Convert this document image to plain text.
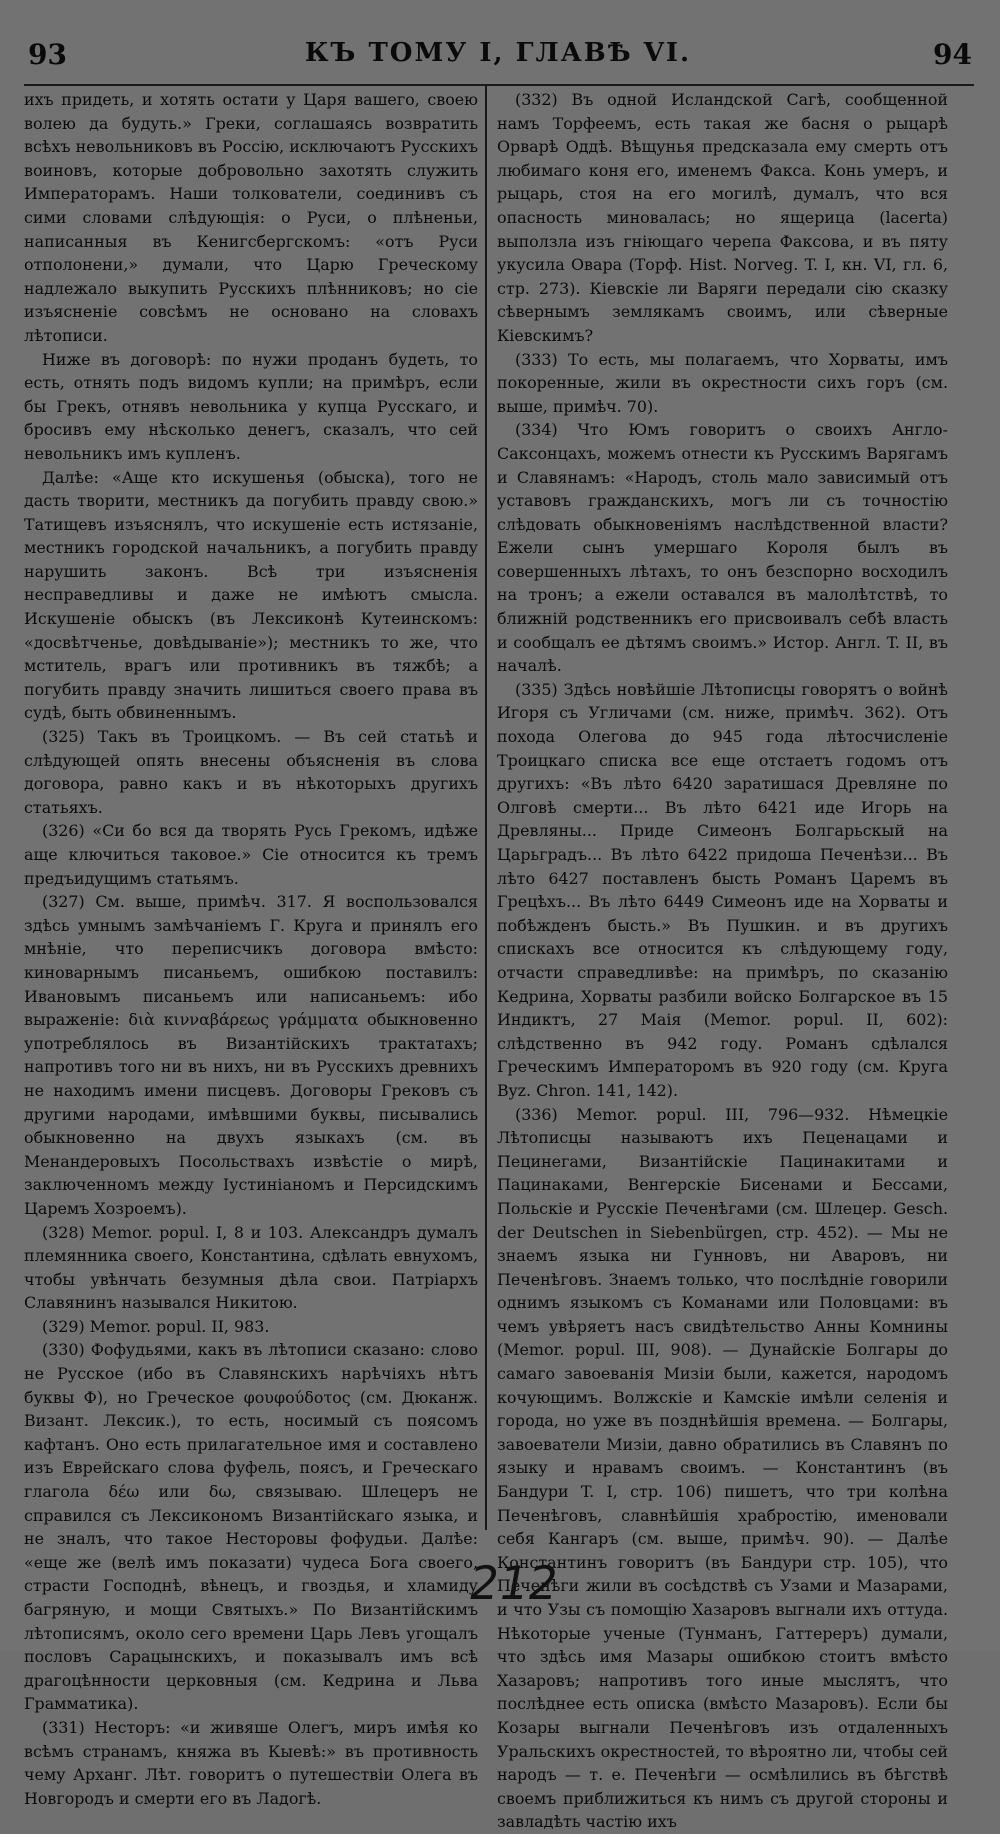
93	КЪ ТОМУ I, ГЛАВѢ VI.	94

ихъ придеть, и хотять остати у Царя вашего, своею волею да будуть.» Греки, соглашаясь возвратить всѣхъ невольниковъ въ Россію, исключаютъ Русскихъ воиновъ, которые добровольно захотять служить Императорамъ. Наши толкователи, соединивъ съ сими словами слѣдующія: о Руси, о плѣненьи, написанныя въ Кенигсбергскомъ: «отъ Руси отполонени,» думали, что Царю Греческому надлежало выкупить Русскихъ плѣнниковъ; но сіе изъясненіе совсѣмъ не основано на словахъ лѣтописи.

Ниже въ договорѣ: по нужи проданъ будеть, то есть, отнять подъ видомъ купли; на примѣръ, если бы Грекъ, отнявъ невольника у купца Русскаго, и бросивъ ему нѣсколько денегъ, сказалъ, что сей невольникъ имъ купленъ.

Далѣе: «Аще кто искушенья (обыска), того не дасть творити, местникъ да погубить правду свою.» Татищевъ изъяснялъ, что искушеніе есть истязаніе, местникъ городской начальникъ, а погубить правду нарушить законъ. Всѣ три изъясненія несправедливы и даже не имѣютъ смысла. Искушеніе обыскъ (въ Лексиконѣ Кутеинскомъ: «досвѣтченье, довѣдываніе»); местникъ то же, что мститель, врагъ или противникъ въ тяжбѣ; а погубить правду значить лишиться своего права въ судѣ, быть обвиненнымъ.

(325) Такъ въ Троицкомъ. — Въ сей статьѣ и слѣдующей опять внесены объясненія въ слова договора, равно какъ и въ нѣкоторыхъ другихъ статьяхъ.

(326) «Си бо вся да творять Русь Грекомъ, идѣже аще ключиться таковое.» Сіе относится къ тремъ предъидущимъ статьямъ.

(327) См. выше, примѣч. 317. Я воспользовался здѣсь умнымъ замѣчаніемъ Г. Круга и принялъ его мнѣніе, что переписчикъ договора вмѣсто: киноварнымъ писаньемъ, ошибкою поставилъ: Ивановымъ писаньемъ или написаньемъ: ибо выраженіе: διὰ κινναβάρεως γράμματα обыкновенно употреблялось въ Византійскихъ трактатахъ; напротивъ того ни въ нихъ, ни въ Русскихъ древнихъ не находимъ имени писцевъ. Договоры Грековъ съ другими народами, имѣвшими буквы, писывались обыкновенно на двухъ языкахъ (см. въ Менандеровыхъ Посольствахъ извѣстіе о мирѣ, заключенномъ между Іустиніаномъ и Персидскимъ Царемъ Хозроемъ).

(328) Memor. popul. I, 8 и 103. Александръ думалъ племянника своего, Константина, сдѣлать евнухомъ, чтобы увѣнчать безумныя дѣла свои. Патріархъ Славянинъ назывался Никитою.

(329) Memor. popul. II, 983.

(330) Фофудьями, какъ въ лѣтописи сказано: слово не Русское (ибо въ Славянскихъ нарѣчіяхъ нѣтъ буквы Ф), но Греческое φουφούδοτος (см. Дюканж. Визант. Лексик.), то есть, носимый съ поясомъ кафтанъ. Оно есть прилагательное имя и составлено изъ Еврейскаго слова фуфель, поясъ, и Греческаго глагола δέω или δω, связываю. Шлецеръ не справился съ Лексикономъ Византійскаго языка, и не зналъ, что такое Несторовы фофудьи. Далѣе: «еще же (велѣ имъ показати) чудеса Бога своего, страсти Господнѣ, вѣнецъ, и гвоздья, и хламиду багряную, и мощи Святыхъ.» По Византійскимъ лѣтописямъ, около сего времени Царь Левъ угощалъ пословъ Сарацынскихъ, и показывалъ имъ всѣ драгоцѣнности церковныя (см. Кедрина и Льва Грамматика).

(331) Несторъ: «и живяше Олегъ, миръ имѣя ко всѣмъ странамъ, княжа въ Кыевѣ:» въ противность чему Арханг. Лѣт. говоритъ о путешествіи Олега въ Новгородъ и смерти его въ Ладогѣ.

(332) Въ одной Исландской Сагѣ, сообщенной намъ Торфеемъ, есть такая же басня о рыцарѣ Орварѣ Оддѣ. Вѣщунья предсказала ему смерть отъ любимаго коня его, именемъ Факса. Конь умеръ, и рыцарь, стоя на его могилѣ, думалъ, что вся опасность миновалась; но ящерица (lacerta) выползла изъ гніющаго черепа Факсова, и въ пяту укусила Овара (Торф. Hist. Norveg. T. I, кн. VI, гл. 6, стр. 273). Кіевскіе ли Варяги передали сію сказку сѣвернымъ землякамъ своимъ, или сѣверные Кіевскимъ?

(333) То есть, мы полагаемъ, что Хорваты, имъ покоренные, жили въ окрестности сихъ горъ (см. выше, примѣч. 70).

(334) Что Юмъ говоритъ о своихъ Англо-Саксонцахъ, можемъ отнести къ Русскимъ Варягамъ и Славянамъ: «Народъ, столь мало зависимый отъ уставовъ гражданскихъ, могъ ли съ точностію слѣдовать обыкновеніямъ наслѣдственной власти? Ежели сынъ умершаго Короля былъ въ совершенныхъ лѣтахъ, то онъ безспорно восходилъ на тронъ; а ежели оставался въ малолѣтствѣ, то ближній родственникъ его присвоивалъ себѣ власть и сообщалъ ее дѣтямъ своимъ.» Истор. Англ. T. II, въ началѣ.

(335) Здѣсь новѣйшіе Лѣтописцы говорятъ о войнѣ Игоря съ Угличами (см. ниже, примѣч. 362). Отъ похода Олегова до 945 года лѣтосчисленіе Троицкаго списка все еще отстаетъ годомъ отъ другихъ: «Въ лѣто 6420 заратишася Древляне по Олговѣ смерти... Въ лѣто 6421 иде Игорь на Древляны... Приде Симеонъ Болгарьскый на Царьградъ... Въ лѣто 6422 придоша Печенѣзи... Въ лѣто 6427 поставленъ бысть Романъ Царемъ въ Грецѣхъ... Въ лѣто 6449 Симеонъ иде на Хорваты и побѣжденъ бысть.» Въ Пушкин. и въ другихъ спискахъ все относится къ слѣдующему году, отчасти справедливѣе: на примѣръ, по сказанію Кедрина, Хорваты разбили войско Болгарское въ 15 Индиктъ, 27 Маія (Memor. popul. II, 602): слѣдственно въ 942 году. Романъ сдѣлался Греческимъ Императоромъ въ 920 году (см. Круга Byz. Chron. 141, 142).

(336) Memor. popul. III, 796—932. Нѣмецкіе Лѣтописцы называютъ ихъ Пеценацами и Пецинегами, Византійскіе Пацинакитами и Пацинаками, Венгерскіе Бисенами и Бессами, Польскіе и Русскіе Печенѣгами (см. Шлецер. Gesch. der Deutschen in Siebenbürgen, стр. 452). — Мы не знаемъ языка ни Гунновъ, ни Аваровъ, ни Печенѣговъ. Знаемъ только, что послѣдніе говорили однимъ языкомъ съ Команами или Половцами: въ чемъ увѣряетъ насъ свидѣтельство Анны Комнины (Memor. popul. III, 908). — Дунайскіе Болгары до самаго завоеванія Мизіи были, кажется, народомъ кочующимъ. Волжскіе и Камскіе имѣли селенія и города, но уже въ позднѣйшія времена. — Болгары, завоеватели Мизіи, давно обратились въ Славянъ по языку и нравамъ своимъ. — Константинъ (въ Бандури T. I, стр. 106) пишетъ, что три колѣна Печенѣговъ, славнѣйшія храбростію, именовали себя Кангаръ (см. выше, примѣч. 90). — Далѣе Константинъ говоритъ (въ Бандури стр. 105), что Печенѣги жили въ сосѣдствѣ съ Узами и Мазарами, и что Узы съ помощію Хазаровъ выгнали ихъ оттуда. Нѣкоторые ученые (Тунманъ, Гаттереръ) думали, что здѣсь имя Мазары ошибкою стоитъ вмѣсто Хазаровъ; напротивъ того иные мыслятъ, что послѣднее есть описка (вмѣсто Мазаровъ). Если бы Козары выгнали Печенѣговъ изъ отдаленныхъ Уральскихъ окрестностей, то вѣроятно ли, чтобы сей народъ — т. е. Печенѣги — осмѣлились въ бѣгствѣ своемъ приближиться къ нимъ съ другой стороны и завладѣть частію ихъ

212
